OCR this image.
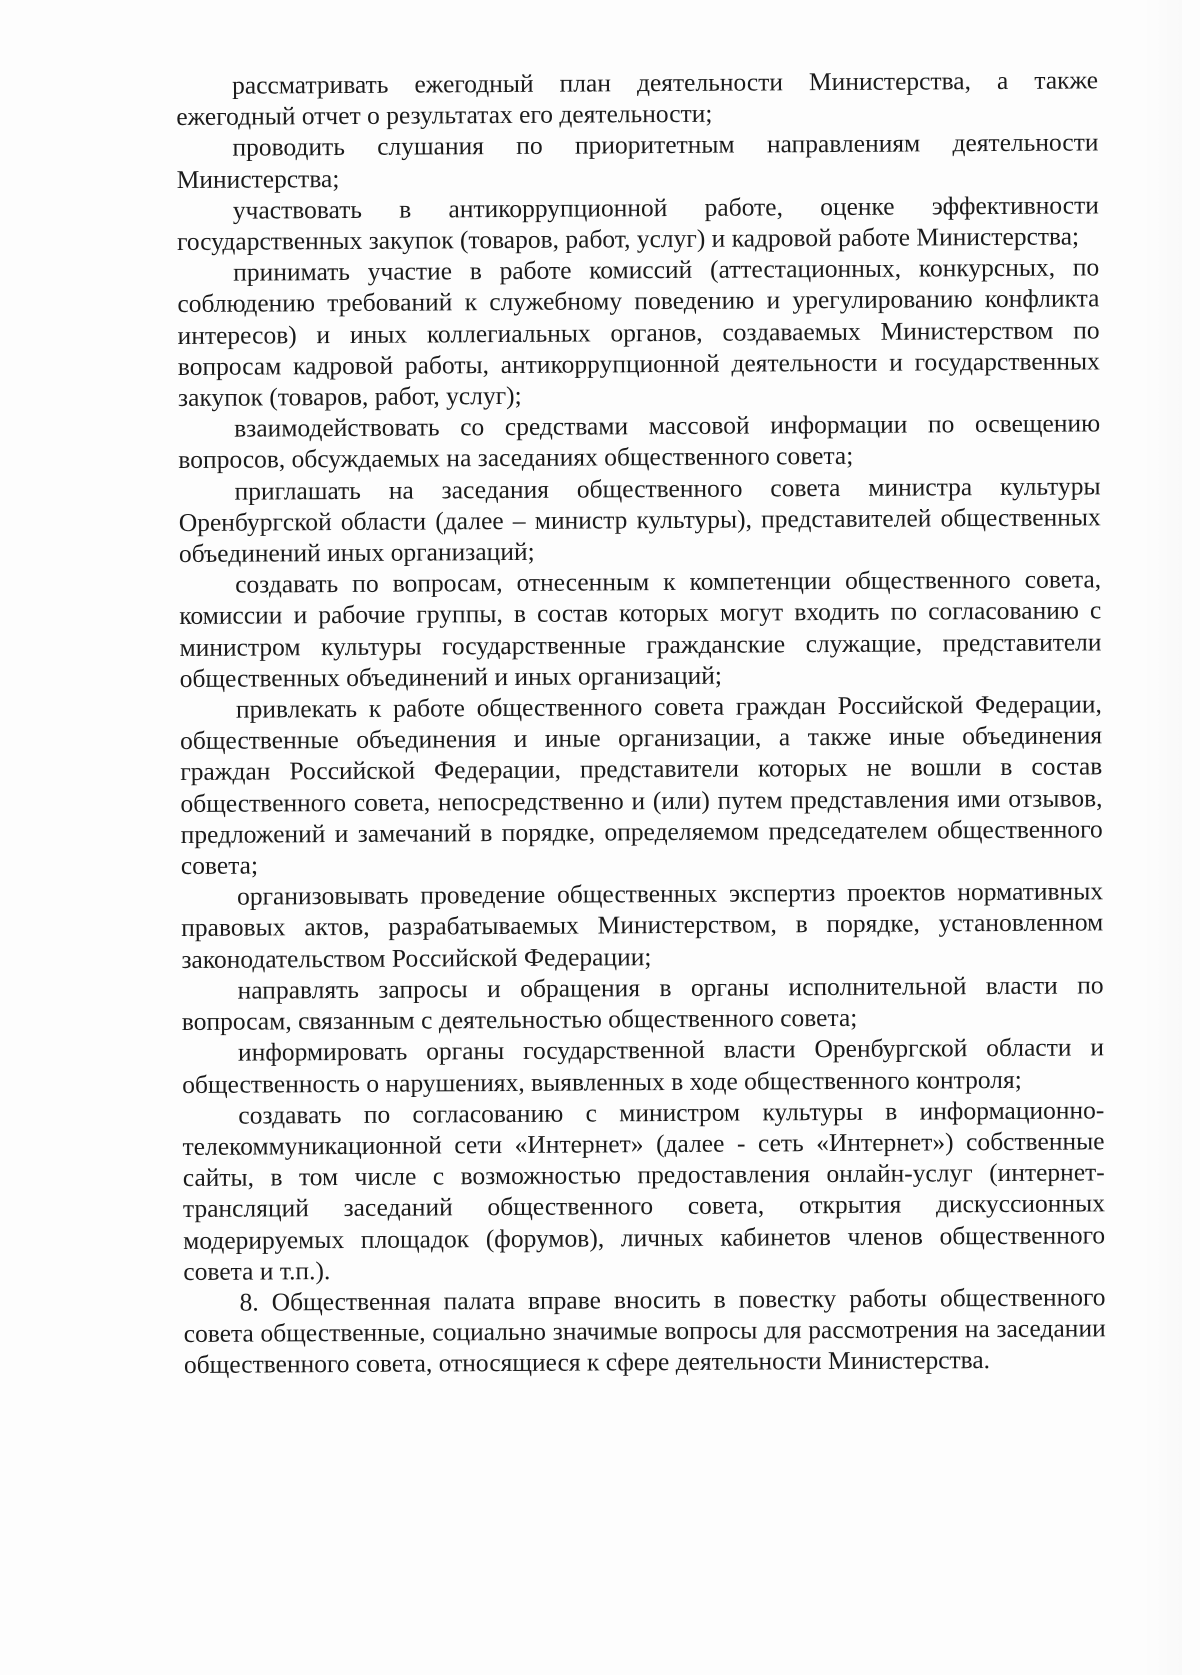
рассматривать ежегодный план деятельности Министерства, а также ежегодный отчет о результатах его деятельности;

проводить слушания по приоритетным направлениям деятельности Министерства;

участвовать в антикоррупционной работе, оценке эффективности государственных закупок (товаров, работ, услуг) и кадровой работе Министерства;

принимать участие в работе комиссий (аттестационных, конкурсных, по соблюдению требований к служебному поведению и урегулированию конфликта интересов) и иных коллегиальных органов, создаваемых Министерством по вопросам кадровой работы, антикоррупционной деятельности и государственных закупок (товаров, работ, услуг);

взаимодействовать со средствами массовой информации по освещению вопросов, обсуждаемых на заседаниях общественного совета;

приглашать на заседания общественного совета министра культуры Оренбургской области (далее – министр культуры), представителей общественных объединений иных организаций;

создавать по вопросам, отнесенным к компетенции общественного совета, комиссии и рабочие группы, в состав которых могут входить по согласованию с министром культуры государственные гражданские служащие, представители общественных объединений и иных организаций;

привлекать к работе общественного совета граждан Российской Федерации, общественные объединения и иные организации, а также иные объединения граждан Российской Федерации, представители которых не вошли в состав общественного совета, непосредственно и (или) путем представления ими отзывов, предложений и замечаний в порядке, определяемом председателем общественного совета;

организовывать проведение общественных экспертиз проектов нормативных правовых актов, разрабатываемых Министерством, в порядке, установленном законодательством Российской Федерации;

направлять запросы и обращения в органы исполнительной власти по вопросам, связанным с деятельностью общественного совета;

информировать органы государственной власти Оренбургской области и общественность о нарушениях, выявленных в ходе общественного контроля;

создавать по согласованию с министром культуры в информационно-телекоммуникационной сети «Интернет» (далее - сеть «Интернет») собственные сайты, в том числе с возможностью предоставления онлайн-услуг (интернет-трансляций заседаний общественного совета, открытия дискуссионных модерируемых площадок (форумов), личных кабинетов членов общественного совета и т.п.).

8. Общественная палата вправе вносить в повестку работы общественного совета общественные, социально значимые вопросы для рассмотрения на заседании общественного совета, относящиеся к сфере деятельности Министерства.
